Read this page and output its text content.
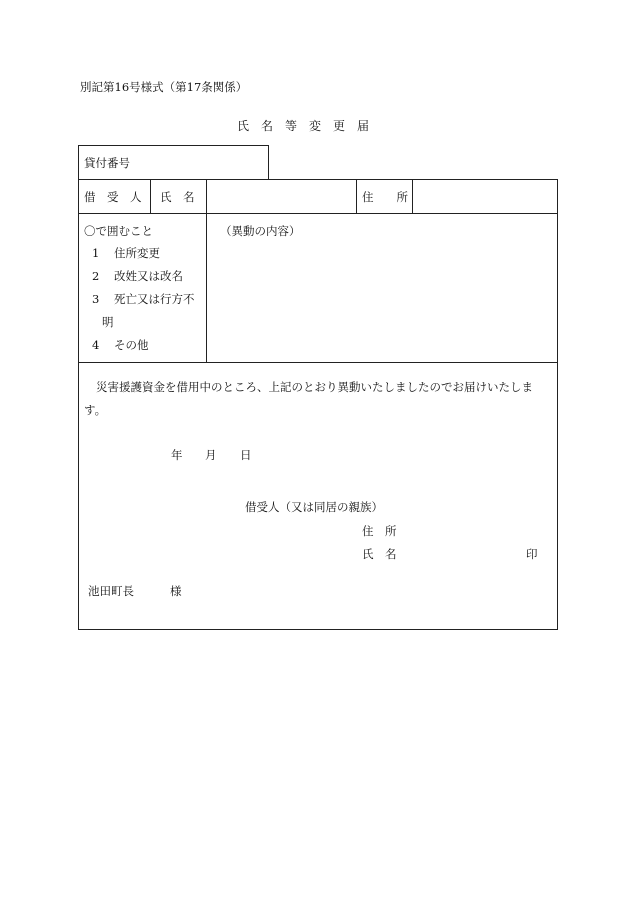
別記第16号様式（第17条関係）
氏　名　等　変　更　届
貸付番号
借　受　人 氏　名	住　　所
〇で囲むこと
1 住所変更
2 改姓又は改名
3 死亡又は行方不
明
4 その他
（異動の内容）
災害援護資金を借用中のところ、上記のとおり異動いたしましたのでお届けいたしま
す。
年 月 日
借受人（又は同居の親族）
住　所
氏　名	印
池田町長	様
